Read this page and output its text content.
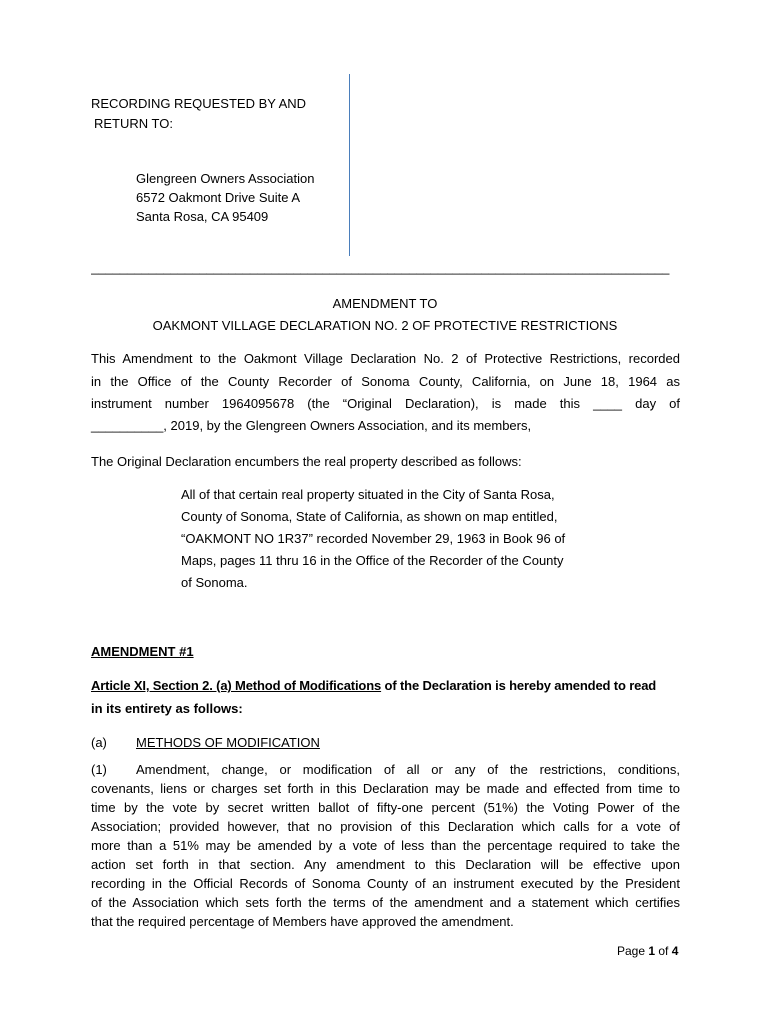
RECORDING REQUESTED BY AND
RETURN TO:
Glengreen Owners Association
6572 Oakmont Drive Suite A
Santa Rosa, CA 95409
________________________________________________________________________________
AMENDMENT TO
OAKMONT VILLAGE DECLARATION NO. 2 OF PROTECTIVE RESTRICTIONS
This Amendment to the Oakmont Village Declaration No. 2 of Protective Restrictions, recorded
in the Office of the County Recorder of Sonoma County, California, on June 18, 1964 as
instrument number 1964095678 (the “Original Declaration), is made this ____ day of
__________, 2019, by the Glengreen Owners Association, and its members,
The Original Declaration encumbers the real property described as follows:
All of that certain real property situated in the City of Santa Rosa,
County of Sonoma, State of California, as shown on map entitled,
“OAKMONT NO 1R37” recorded November 29, 1963 in Book 96 of
Maps, pages 11 thru 16 in the Office of the Recorder of the County
of Sonoma.
AMENDMENT #1
Article XI, Section 2. (a) Method of Modifications of the Declaration is hereby amended to read
in its entirety as follows:
(a) METHODS OF MODIFICATION
(1) Amendment, change, or modification of all or any of the restrictions, conditions,
covenants, liens or charges set forth in this Declaration may be made and effected from time to
time by the vote by secret written ballot of fifty-one percent (51%) the Voting Power of the
Association; provided however, that no provision of this Declaration which calls for a vote of
more than a 51% may be amended by a vote of less than the percentage required to take the
action set forth in that section. Any amendment to this Declaration will be effective upon
recording in the Official Records of Sonoma County of an instrument executed by the President
of the Association which sets forth the terms of the amendment and a statement which certifies
that the required percentage of Members have approved the amendment.
Page 1 of 4
